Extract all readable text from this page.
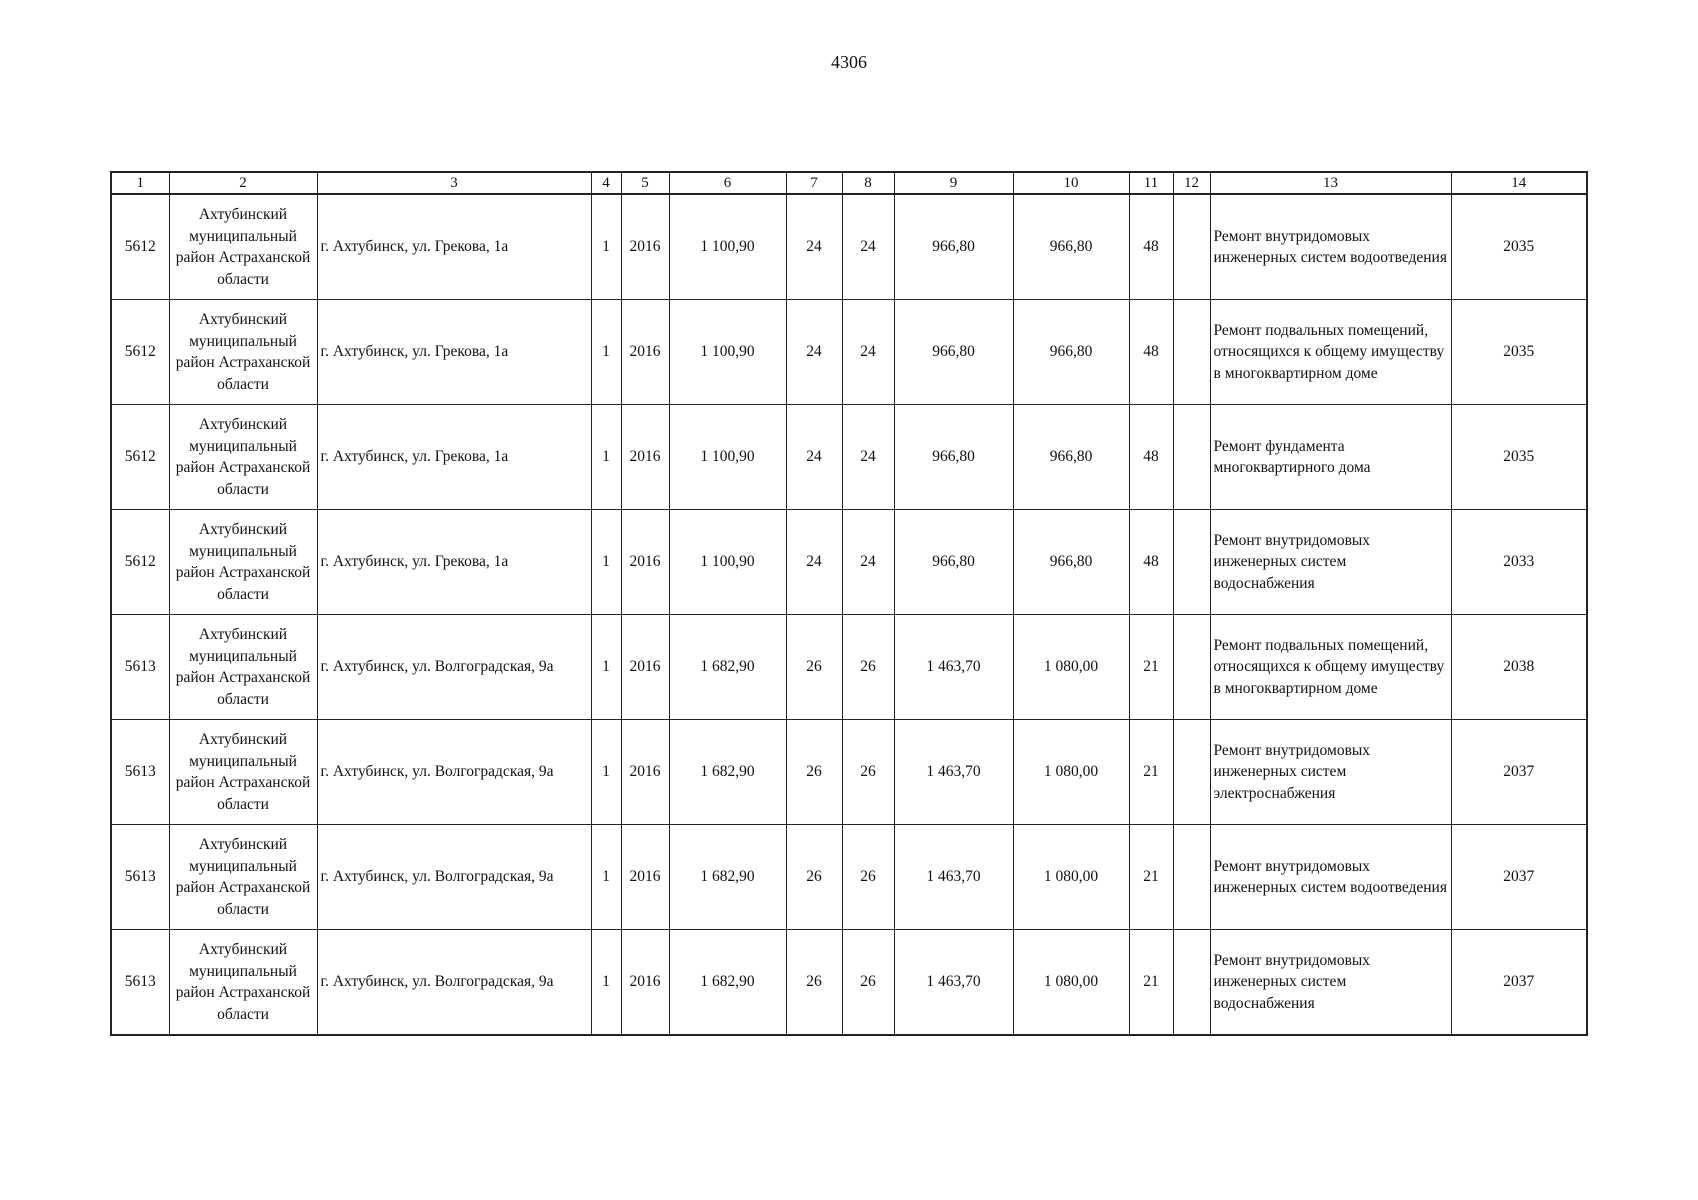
4306
1	2	3	4	5	6	7	8	9	10	11	12	13	14
5612	Ахтубинский муниципальный район Астраханской области	г. Ахтубинск, ул. Грекова, 1а	1	2016	1 100,90	24	24	966,80	966,80	48		Ремонт внутридомовых инженерных систем водоотведения	2035
5612	Ахтубинский муниципальный район Астраханской области	г. Ахтубинск, ул. Грекова, 1а	1	2016	1 100,90	24	24	966,80	966,80	48		Ремонт подвальных помещений, относящихся к общему имуществу в многоквартирном доме	2035
5612	Ахтубинский муниципальный район Астраханской области	г. Ахтубинск, ул. Грекова, 1а	1	2016	1 100,90	24	24	966,80	966,80	48		Ремонт фундамента многоквартирного дома	2035
5612	Ахтубинский муниципальный район Астраханской области	г. Ахтубинск, ул. Грекова, 1а	1	2016	1 100,90	24	24	966,80	966,80	48		Ремонт внутридомовых инженерных систем водоснабжения	2033
5613	Ахтубинский муниципальный район Астраханской области	г. Ахтубинск, ул. Волгоградская, 9а	1	2016	1 682,90	26	26	1 463,70	1 080,00	21		Ремонт подвальных помещений, относящихся к общему имуществу в многоквартирном доме	2038
5613	Ахтубинский муниципальный район Астраханской области	г. Ахтубинск, ул. Волгоградская, 9а	1	2016	1 682,90	26	26	1 463,70	1 080,00	21		Ремонт внутридомовых инженерных систем электроснабжения	2037
5613	Ахтубинский муниципальный район Астраханской области	г. Ахтубинск, ул. Волгоградская, 9а	1	2016	1 682,90	26	26	1 463,70	1 080,00	21		Ремонт внутридомовых инженерных систем водоотведения	2037
5613	Ахтубинский муниципальный район Астраханской области	г. Ахтубинск, ул. Волгоградская, 9а	1	2016	1 682,90	26	26	1 463,70	1 080,00	21		Ремонт внутридомовых инженерных систем водоснабжения	2037
